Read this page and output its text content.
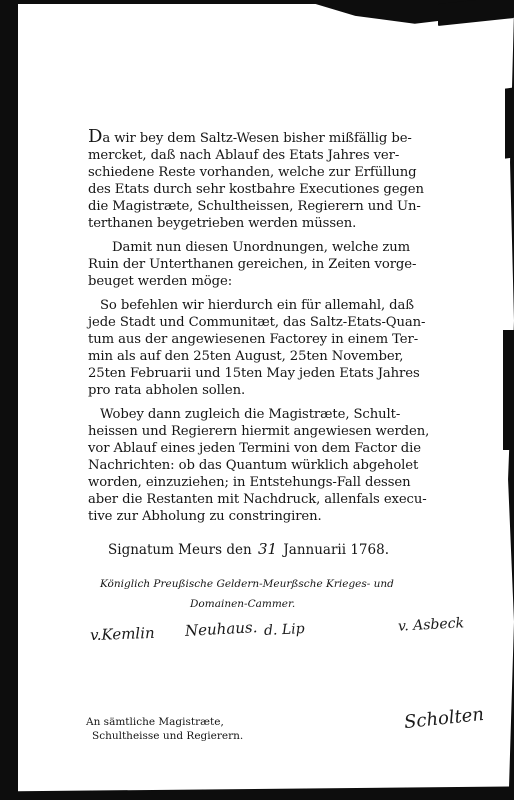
Da wir bey dem Saltz-Wesen bisher mißfällig be-
mercket, daß nach Ablauf des Etats Jahres ver-
schiedene Reste vorhanden, welche zur Erfüllung
des Etats durch sehr kostbahre Executiones gegen
die Magistræte, Schultheissen, Regierern und Un-
terthanen beygetrieben werden müssen.
Damit nun diesen Unordnungen, welche zum
Ruin der Unterthanen gereichen, in Zeiten vorge-
beuget werden möge:
So befehlen wir hierdurch ein für allemahl, daß
jede Stadt und Communitæt, das Saltz-Etats-Quan-
tum aus der angewiesenen Factorey in einem Ter-
min als auf den 25ten August, 25ten November,
25ten Februarii und 15ten May jeden Etats Jahres
pro rata abholen sollen.
Wobey dann zugleich die Magistræte, Schult-
heissen und Regierern hiermit angewiesen werden,
vor Ablauf eines jeden Termini von dem Factor die
Nachrichten: ob das Quantum würklich abgeholet
worden, einzuziehen; in Entstehungs-Fall dessen
aber die Restanten mit Nachdruck, allenfals execu-
tive zur Abholung zu constringiren.
Signatum Meurs den 31 Jannuarii 1768.
Königlich Preußische Geldern-Meurßsche Krieges- und
Domainen-Cammer.
v.Kemlin Neuhaus. d. Lip	v. Asbeck
An sämtliche Magistræte,
Schultheisse und Regierern.
Scholten
